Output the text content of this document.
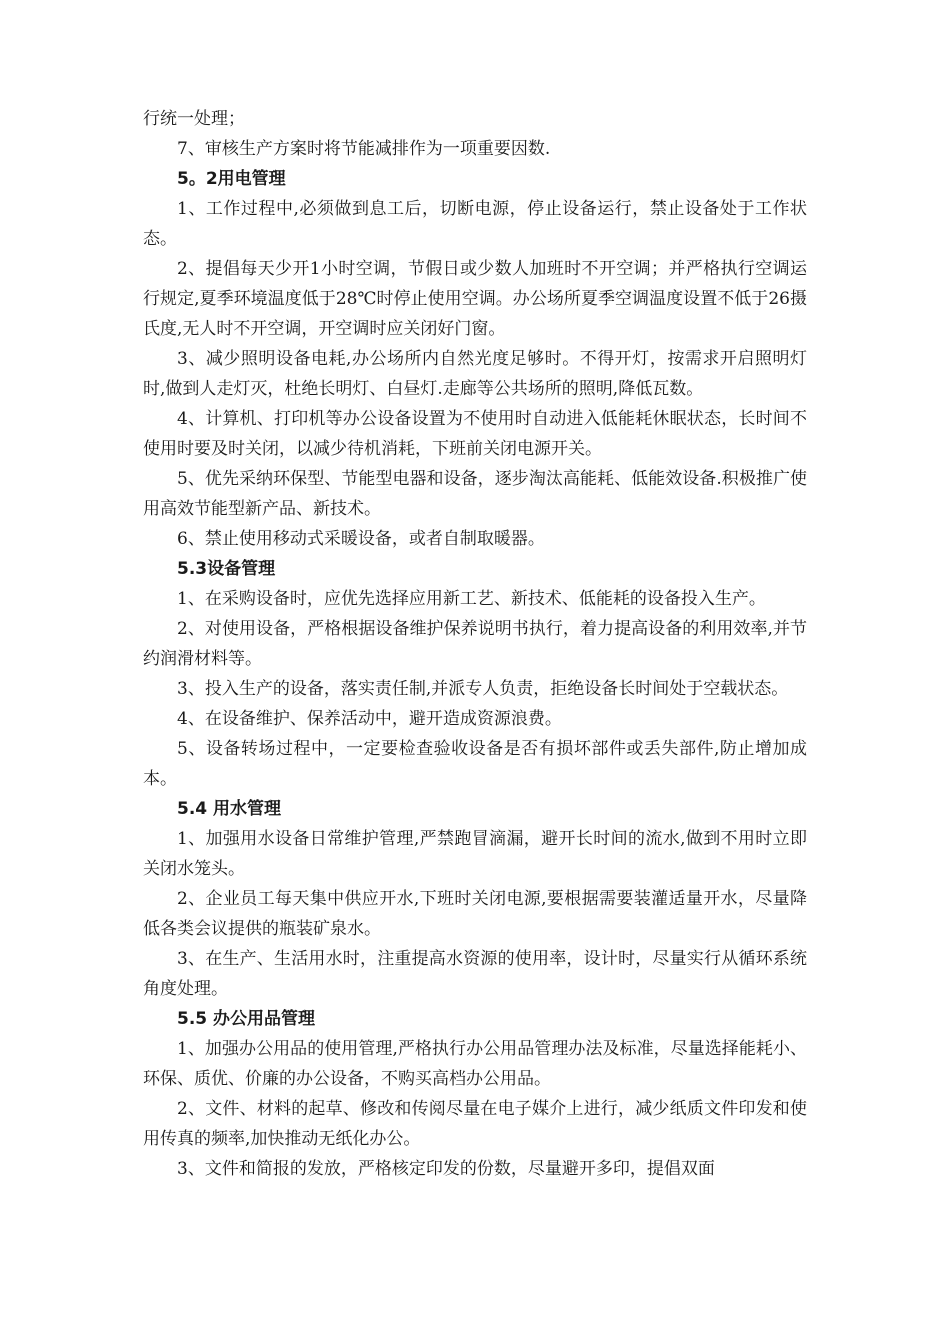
行统一处理；

7、审核生产方案时将节能减排作为一项重要因数.

5。2用电管理

1、工作过程中,必须做到息工后，切断电源，停止设备运行，禁止设备处于工作状态。

2、提倡每天少开1小时空调，节假日或少数人加班时不开空调；并严格执行空调运行规定,夏季环境温度低于28℃时停止使用空调。办公场所夏季空调温度设置不低于26摄氏度,无人时不开空调，开空调时应关闭好门窗。

3、减少照明设备电耗,办公场所内自然光度足够时。不得开灯，按需求开启照明灯时,做到人走灯灭，杜绝长明灯、白昼灯.走廊等公共场所的照明,降低瓦数。

4、计算机、打印机等办公设备设置为不使用时自动进入低能耗休眠状态，长时间不使用时要及时关闭，以减少待机消耗，下班前关闭电源开关。

5、优先采纳环保型、节能型电器和设备，逐步淘汰高能耗、低能效设备.积极推广使用高效节能型新产品、新技术。

6、禁止使用移动式采暖设备，或者自制取暖器。

5.3设备管理

1、在采购设备时，应优先选择应用新工艺、新技术、低能耗的设备投入生产。

2、对使用设备，严格根据设备维护保养说明书执行，着力提高设备的利用效率,并节约润滑材料等。

3、投入生产的设备，落实责任制,并派专人负责，拒绝设备长时间处于空载状态。

4、在设备维护、保养活动中，避开造成资源浪费。

5、设备转场过程中，一定要检查验收设备是否有损坏部件或丢失部件,防止增加成本。

5.4 用水管理

1、加强用水设备日常维护管理,严禁跑冒滴漏，避开长时间的流水,做到不用时立即关闭水笼头。

2、企业员工每天集中供应开水,下班时关闭电源,要根据需要装灌适量开水，尽量降低各类会议提供的瓶装矿泉水。

3、在生产、生活用水时，注重提高水资源的使用率，设计时，尽量实行从循环系统角度处理。

5.5 办公用品管理

1、加强办公用品的使用管理,严格执行办公用品管理办法及标准，尽量选择能耗小、环保、质优、价廉的办公设备，不购买高档办公用品。

2、文件、材料的起草、修改和传阅尽量在电子媒介上进行，减少纸质文件印发和使用传真的频率,加快推动无纸化办公。

3、文件和简报的发放，严格核定印发的份数，尽量避开多印，提倡双面
